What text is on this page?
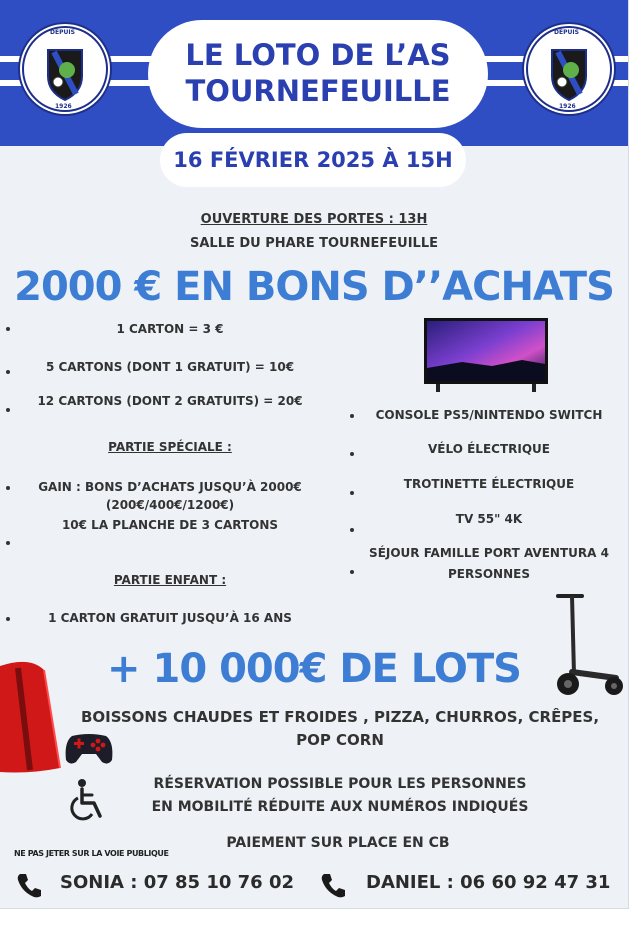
DEPUIS
1926
DEPUIS
1926
LE LOTO DE L’AS
TOURNEFEUILLE
16 FÉVRIER 2025 À 15H
OUVERTURE DES PORTES : 13H
SALLE DU PHARE TOURNEFEUILLE
2000 € EN BONS D’’ACHATS
1 CARTON = 3 €
5 CARTONS (DONT 1 GRATUIT) = 10€
12 CARTONS (DONT 2 GRATUITS) = 20€
PARTIE SPÉCIALE :
GAIN : BONS D’ACHATS JUSQU’À 2000€
(200€/400€/1200€)
10€ LA PLANCHE DE 3 CARTONS
PARTIE ENFANT :
1 CARTON GRATUIT JUSQU’À 16 ANS
CONSOLE PS5/NINTENDO SWITCH
VÉLO ÉLECTRIQUE
TROTINETTE ÉLECTRIQUE
TV 55" 4K
SÉJOUR FAMILLE PORT AVENTURA 4
PERSONNES
+ 10 000€ DE LOTS
BOISSONS CHAUDES ET FROIDES , PIZZA, CHURROS, CRÊPES,
POP CORN
RÉSERVATION POSSIBLE POUR LES PERSONNES
EN MOBILITÉ RÉDUITE AUX NUMÉROS INDIQUÉS
PAIEMENT SUR PLACE EN CB
NE PAS JETER SUR LA VOIE PUBLIQUE
SONIA : 07 85 10 76 02	DANIEL : 06 60 92 47 31
